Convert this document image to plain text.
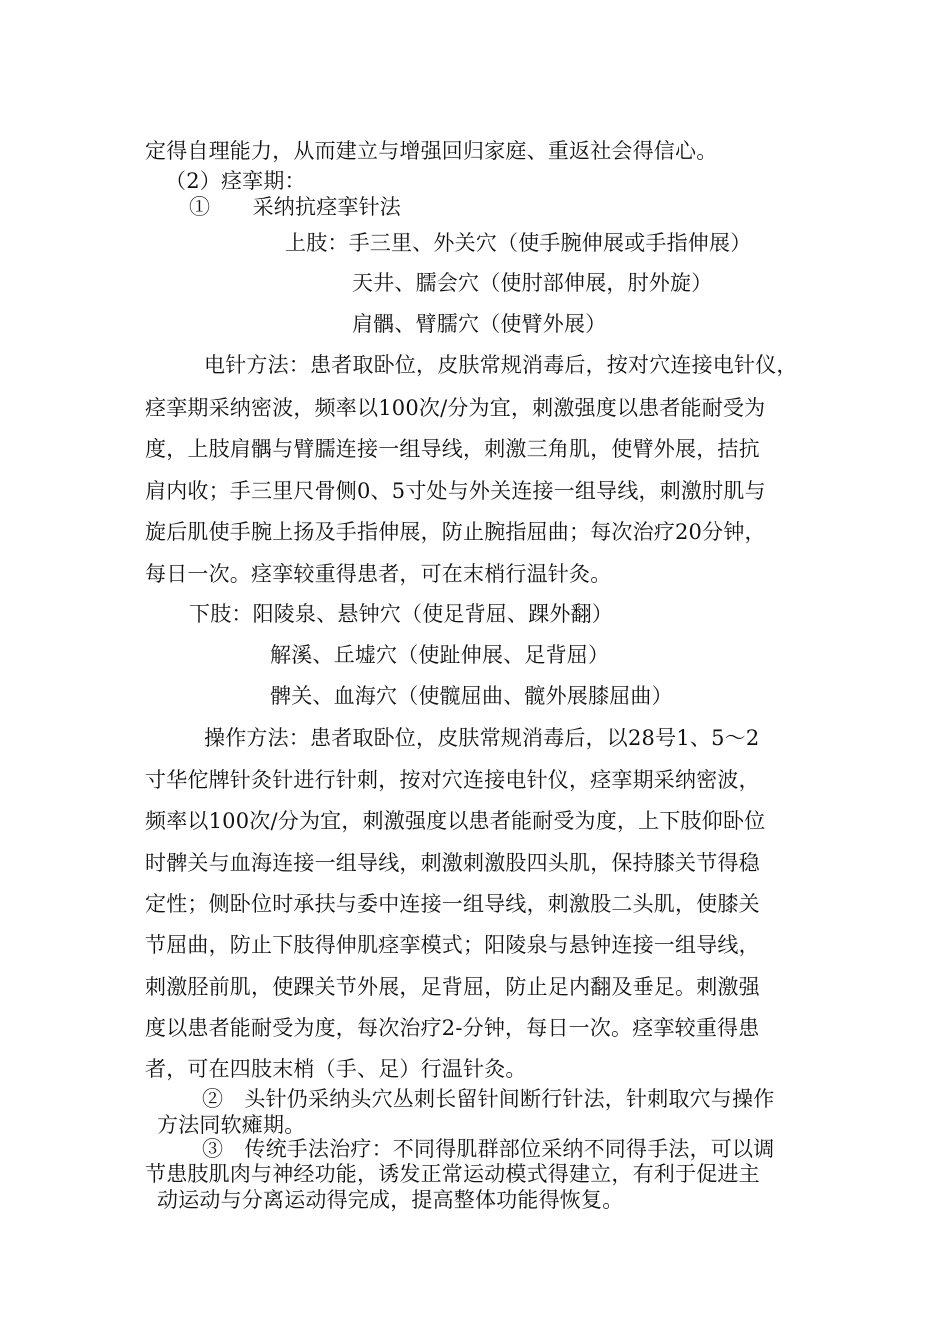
定得自理能力，从而建立与增强回归家庭、重返社会得信心。
（2）痉挛期：
①　　采纳抗痉挛针法
上肢：手三里、外关穴（使手腕伸展或手指伸展）
天井、臑会穴（使肘部伸展，肘外旋）
肩髃、臂臑穴（使臂外展）
电针方法：患者取卧位，皮肤常规消毒后，按对穴连接电针仪，
痉挛期采纳密波，频率以100次/分为宜，刺激强度以患者能耐受为
度，上肢肩髃与臂臑连接一组导线，刺激三角肌，使臂外展，拮抗
肩内收；手三里尺骨侧0、5寸处与外关连接一组导线，刺激肘肌与
旋后肌使手腕上扬及手指伸展，防止腕指屈曲；每次治疗20分钟，
每日一次。痉挛较重得患者，可在末梢行温针灸。
下肢：阳陵泉、悬钟穴（使足背屈、踝外翻）
解溪、丘墟穴（使趾伸展、足背屈）
髀关、血海穴（使髋屈曲、髋外展膝屈曲）
操作方法：患者取卧位，皮肤常规消毒后，以28号1、5～2
寸华佗牌针灸针进行针刺，按对穴连接电针仪，痉挛期采纳密波，
频率以100次/分为宜，刺激强度以患者能耐受为度，上下肢仰卧位
时髀关与血海连接一组导线，刺激刺激股四头肌，保持膝关节得稳
定性；侧卧位时承扶与委中连接一组导线，刺激股二头肌，使膝关
节屈曲，防止下肢得伸肌痉挛模式；阳陵泉与悬钟连接一组导线，
刺激胫前肌，使踝关节外展，足背屈，防止足内翻及垂足。刺激强
度以患者能耐受为度，每次治疗2-分钟，每日一次。痉挛较重得患
者，可在四肢末梢（手、足）行温针灸。
②　头针仍采纳头穴丛刺长留针间断行针法，针刺取穴与操作
方法同软瘫期。
③　传统手法治疗：不同得肌群部位采纳不同得手法，可以调
节患肢肌肉与神经功能，诱发正常运动模式得建立，有利于促进主
动运动与分离运动得完成，提高整体功能得恢复。
